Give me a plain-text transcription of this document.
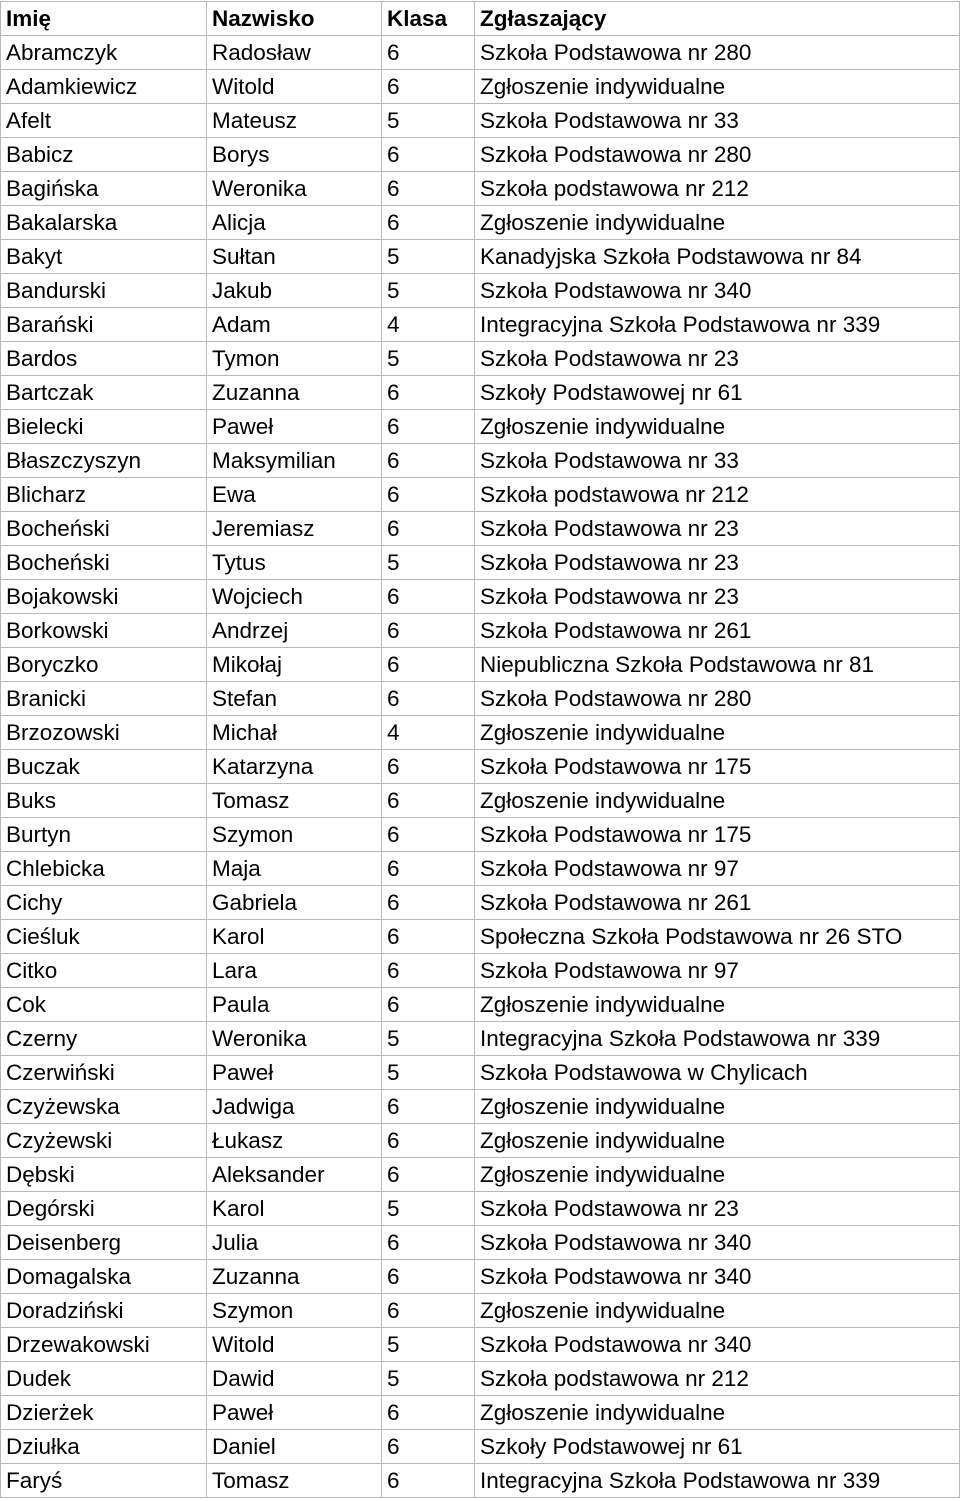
Imię	Nazwisko	Klasa	Zgłaszający
Abramczyk	Radosław	6	Szkoła Podstawowa nr 280
Adamkiewicz	Witold	6	Zgłoszenie indywidualne
Afelt	Mateusz	5	Szkoła Podstawowa nr 33
Babicz	Borys	6	Szkoła Podstawowa nr 280
Bagińska	Weronika	6	Szkoła podstawowa nr 212
Bakalarska	Alicja	6	Zgłoszenie indywidualne
Bakyt	Sułtan	5	Kanadyjska Szkoła Podstawowa nr 84
Bandurski	Jakub	5	Szkoła Podstawowa nr 340
Barański	Adam	4	Integracyjna Szkoła Podstawowa nr 339
Bardos	Tymon	5	Szkoła Podstawowa nr 23
Bartczak	Zuzanna	6	Szkoły Podstawowej nr 61
Bielecki	Paweł	6	Zgłoszenie indywidualne
Błaszczyszyn	Maksymilian	6	Szkoła Podstawowa nr 33
Blicharz	Ewa	6	Szkoła podstawowa nr 212
Bocheński	Jeremiasz	6	Szkoła Podstawowa nr 23
Bocheński	Tytus	5	Szkoła Podstawowa nr 23
Bojakowski	Wojciech	6	Szkoła Podstawowa nr 23
Borkowski	Andrzej	6	Szkoła Podstawowa nr 261
Boryczko	Mikołaj	6	Niepubliczna Szkoła Podstawowa nr 81
Branicki	Stefan	6	Szkoła Podstawowa nr 280
Brzozowski	Michał	4	Zgłoszenie indywidualne
Buczak	Katarzyna	6	Szkoła Podstawowa nr 175
Buks	Tomasz	6	Zgłoszenie indywidualne
Burtyn	Szymon	6	Szkoła Podstawowa nr 175
Chlebicka	Maja	6	Szkoła Podstawowa nr 97
Cichy	Gabriela	6	Szkoła Podstawowa nr 261
Cieśluk	Karol	6	Społeczna Szkoła Podstawowa nr 26 STO
Citko	Lara	6	Szkoła Podstawowa nr 97
Cok	Paula	6	Zgłoszenie indywidualne
Czerny	Weronika	5	Integracyjna Szkoła Podstawowa nr 339
Czerwiński	Paweł	5	Szkoła Podstawowa w Chylicach
Czyżewska	Jadwiga	6	Zgłoszenie indywidualne
Czyżewski	Łukasz	6	Zgłoszenie indywidualne
Dębski	Aleksander	6	Zgłoszenie indywidualne
Degórski	Karol	5	Szkoła Podstawowa nr 23
Deisenberg	Julia	6	Szkoła Podstawowa nr 340
Domagalska	Zuzanna	6	Szkoła Podstawowa nr 340
Doradziński	Szymon	6	Zgłoszenie indywidualne
Drzewakowski	Witold	5	Szkoła Podstawowa nr 340
Dudek	Dawid	5	Szkoła podstawowa nr 212
Dzierżek	Paweł	6	Zgłoszenie indywidualne
Dziułka	Daniel	6	Szkoły Podstawowej nr 61
Faryś	Tomasz	6	Integracyjna Szkoła Podstawowa nr 339
